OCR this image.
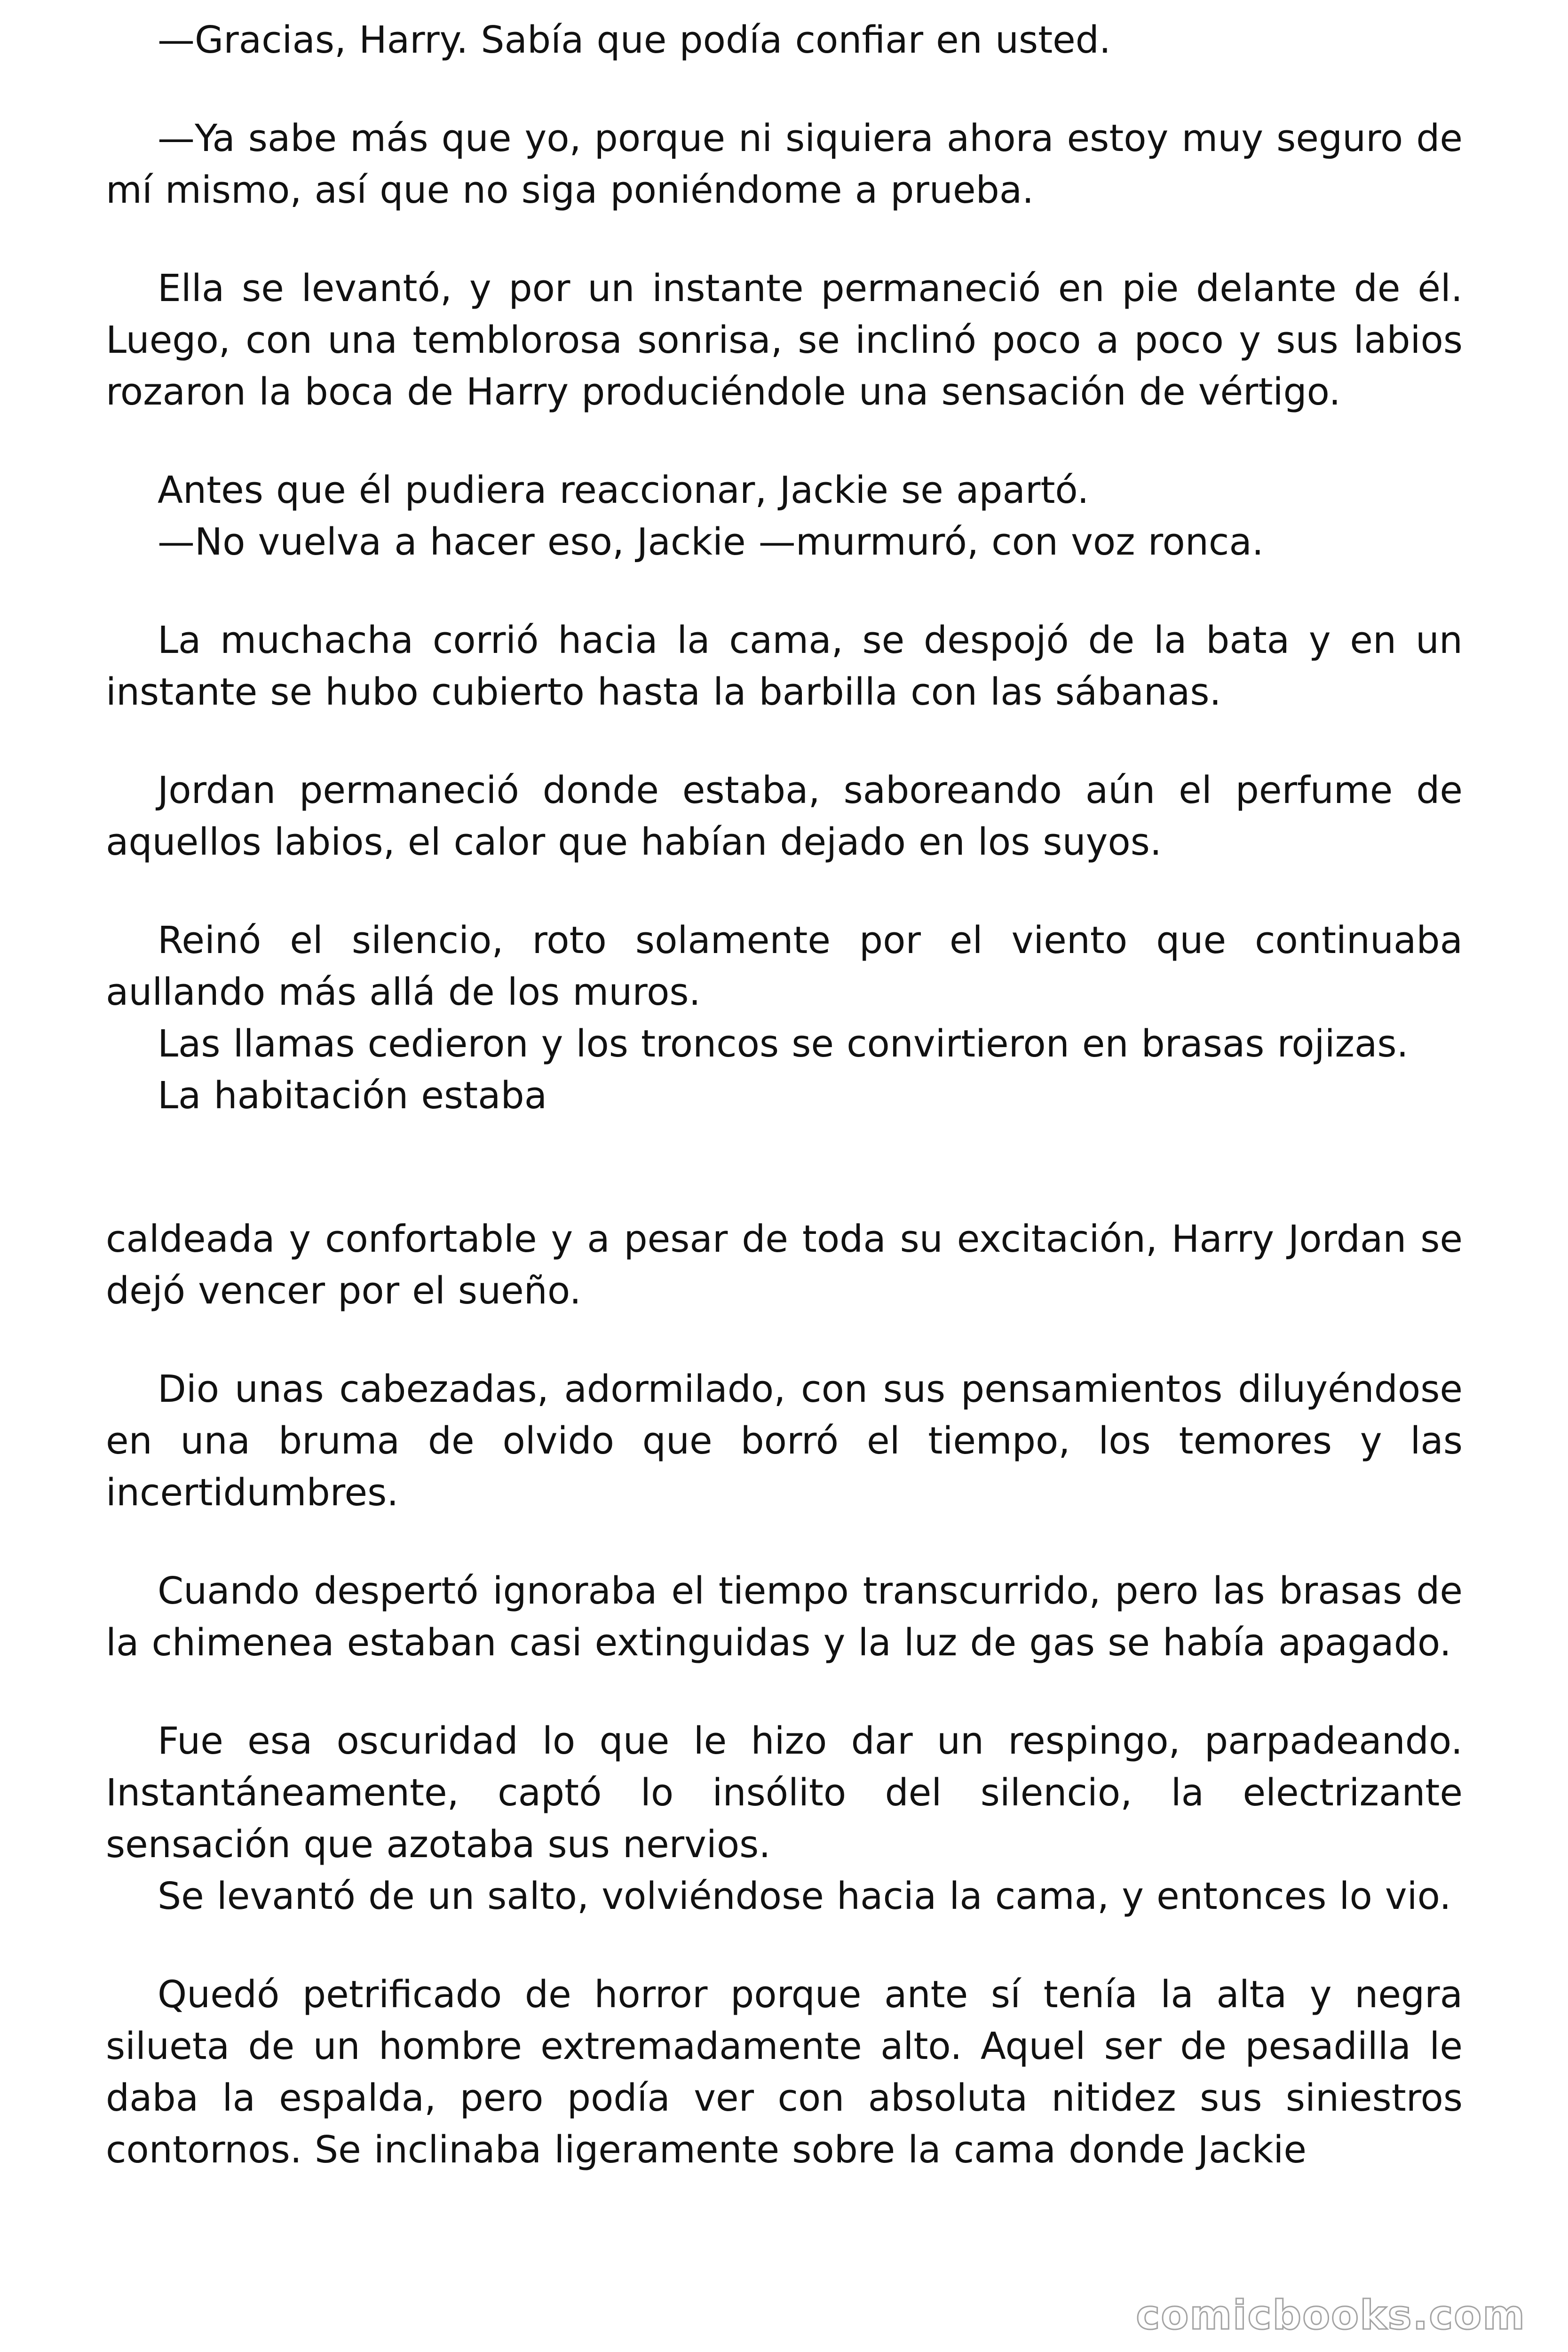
—Gracias, Harry. Sabía que podía confiar en usted.

—Ya sabe más que yo, porque ni siquiera ahora estoy muy seguro de mí mismo, así que no siga poniéndome a prueba.

Ella se levantó, y por un instante permaneció en pie delante de él. Luego, con una temblorosa sonrisa, se inclinó poco a poco y sus labios rozaron la boca de Harry produciéndole una sensación de vértigo.

Antes que él pudiera reaccionar, Jackie se apartó.

—No vuelva a hacer eso, Jackie —murmuró, con voz ronca.

La muchacha corrió hacia la cama, se despojó de la bata y en un instante se hubo cubierto hasta la barbilla con las sábanas.

Jordan permaneció donde estaba, saboreando aún el perfume de aquellos labios, el calor que habían dejado en los suyos.

Reinó el silencio, roto solamente por el viento que continuaba aullando más allá de los muros.

Las llamas cedieron y los troncos se convirtieron en brasas rojizas.

La habitación estaba

caldeada y confortable y a pesar de toda su excitación, Harry Jordan se dejó vencer por el sueño.

Dio unas cabezadas, adormilado, con sus pensamientos diluyéndose en una bruma de olvido que borró el tiempo, los temores y las incertidumbres.

Cuando despertó ignoraba el tiempo transcurrido, pero las brasas de la chimenea estaban casi extinguidas y la luz de gas se había apagado.

Fue esa oscuridad lo que le hizo dar un respingo, parpadeando. Instantáneamente, captó lo insólito del silencio, la electrizante sensación que azotaba sus nervios.

Se levantó de un salto, volviéndose hacia la cama, y entonces lo vio.

Quedó petrificado de horror porque ante sí tenía la alta y negra silueta de un hombre extremadamente alto. Aquel ser de pesadilla le daba la espalda, pero podía ver con absoluta nitidez sus siniestros contornos. Se inclinaba ligeramente sobre la cama donde Jackie

comicbooks.com
